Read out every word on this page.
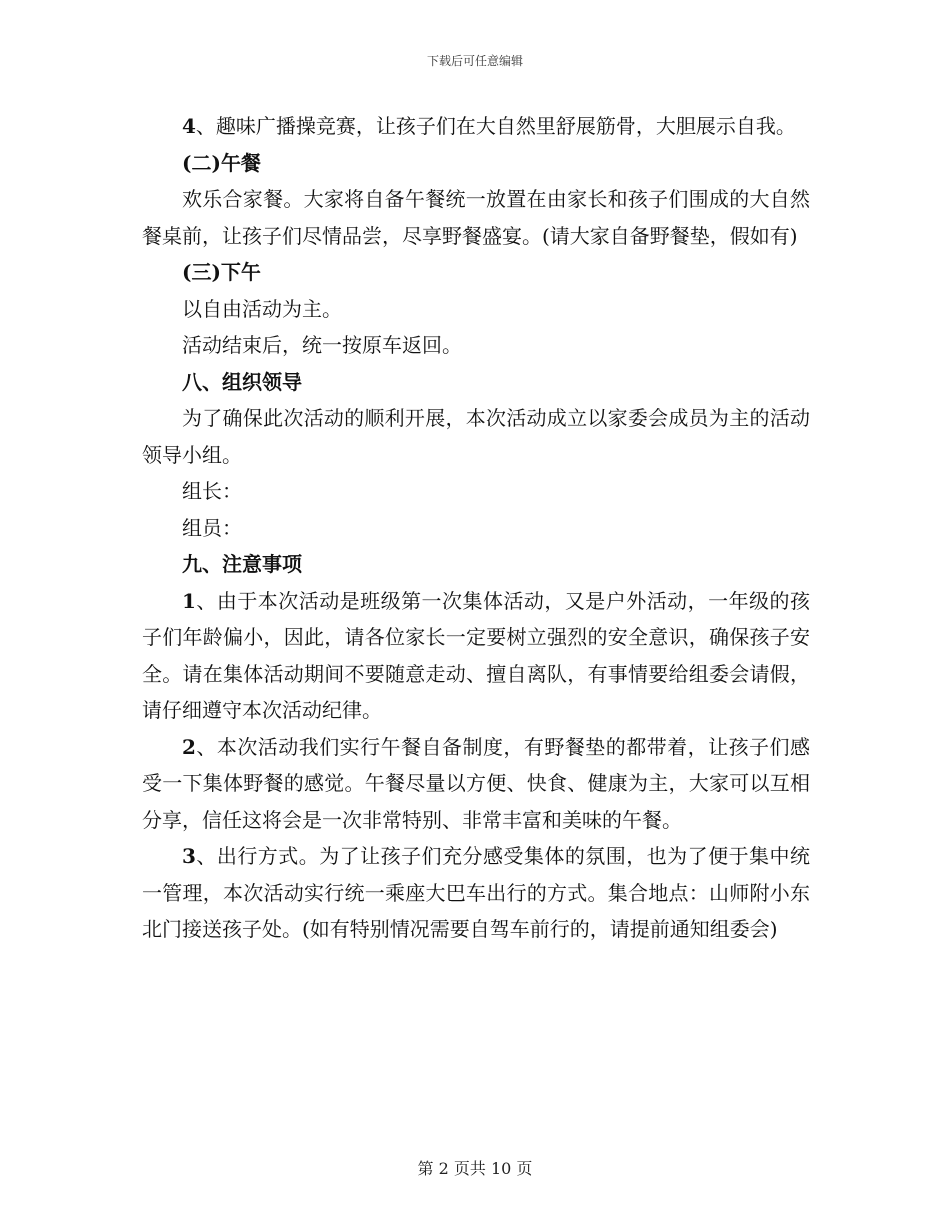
下载后可任意编辑

4、趣味广播操竞赛，让孩子们在大自然里舒展筋骨，大胆展示自我。

(二)午餐

欢乐合家餐。大家将自备午餐统一放置在由家长和孩子们围成的大自然餐桌前，让孩子们尽情品尝，尽享野餐盛宴。(请大家自备野餐垫，假如有)

(三)下午

以自由活动为主。

活动结束后，统一按原车返回。

八、组织领导

为了确保此次活动的顺利开展，本次活动成立以家委会成员为主的活动领导小组。

组长：

组员：

九、注意事项

1、由于本次活动是班级第一次集体活动，又是户外活动，一年级的孩子们年龄偏小，因此，请各位家长一定要树立强烈的安全意识，确保孩子安全。请在集体活动期间不要随意走动、擅自离队，有事情要给组委会请假，请仔细遵守本次活动纪律。

2、本次活动我们实行午餐自备制度，有野餐垫的都带着，让孩子们感受一下集体野餐的感觉。午餐尽量以方便、快食、健康为主，大家可以互相分享，信任这将会是一次非常特别、非常丰富和美味的午餐。

3、出行方式。为了让孩子们充分感受集体的氛围，也为了便于集中统一管理，本次活动实行统一乘座大巴车出行的方式。集合地点：山师附小东北门接送孩子处。(如有特别情况需要自驾车前行的，请提前通知组委会)

第 2 页共 10 页
